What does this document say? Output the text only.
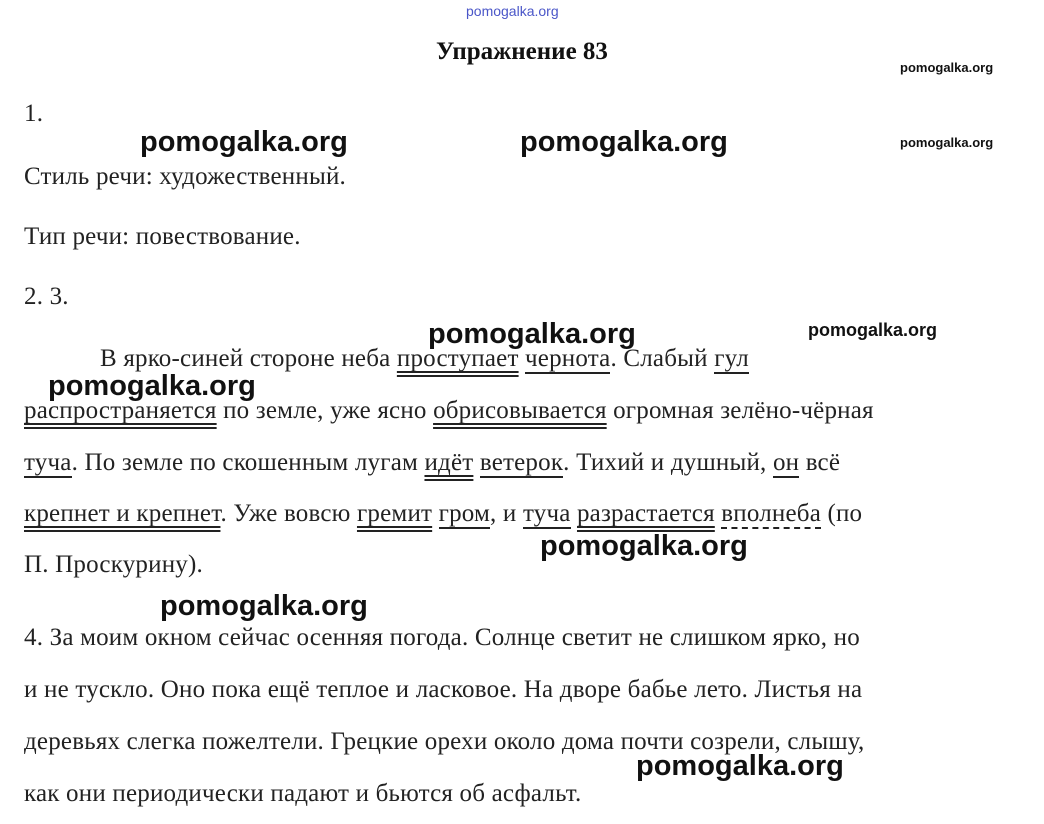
pomogalka.org
pomogalka.org
pomogalka.org
Упражнение 83
1.
pomogalka.org	pomogalka.org
Стиль речи: художественный.
Тип речи: повествование.
2. 3.
pomogalka.org	pomogalka.org
В ярко-синей стороне неба проступает чернота. Слабый гул
pomogalka.org
распространяется по земле, уже ясно обрисовывается огромная зелёно-чёрная
туча. По земле по скошенным лугам идёт ветерок. Тихий и душный, он всё
крепнет и крепнет. Уже вовсю гремит гром, и туча разрастается вполнеба (по
pomogalka.org
П. Проскурину).
pomogalka.org
4. За моим окном сейчас осенняя погода. Солнце светит не слишком ярко, но
и не тускло. Оно пока ещё теплое и ласковое. На дворе бабье лето. Листья на
деревьях слегка пожелтели. Грецкие орехи около дома почти созрели, слышу,
pomogalka.org
как они периодически падают и бьются об асфальт.
